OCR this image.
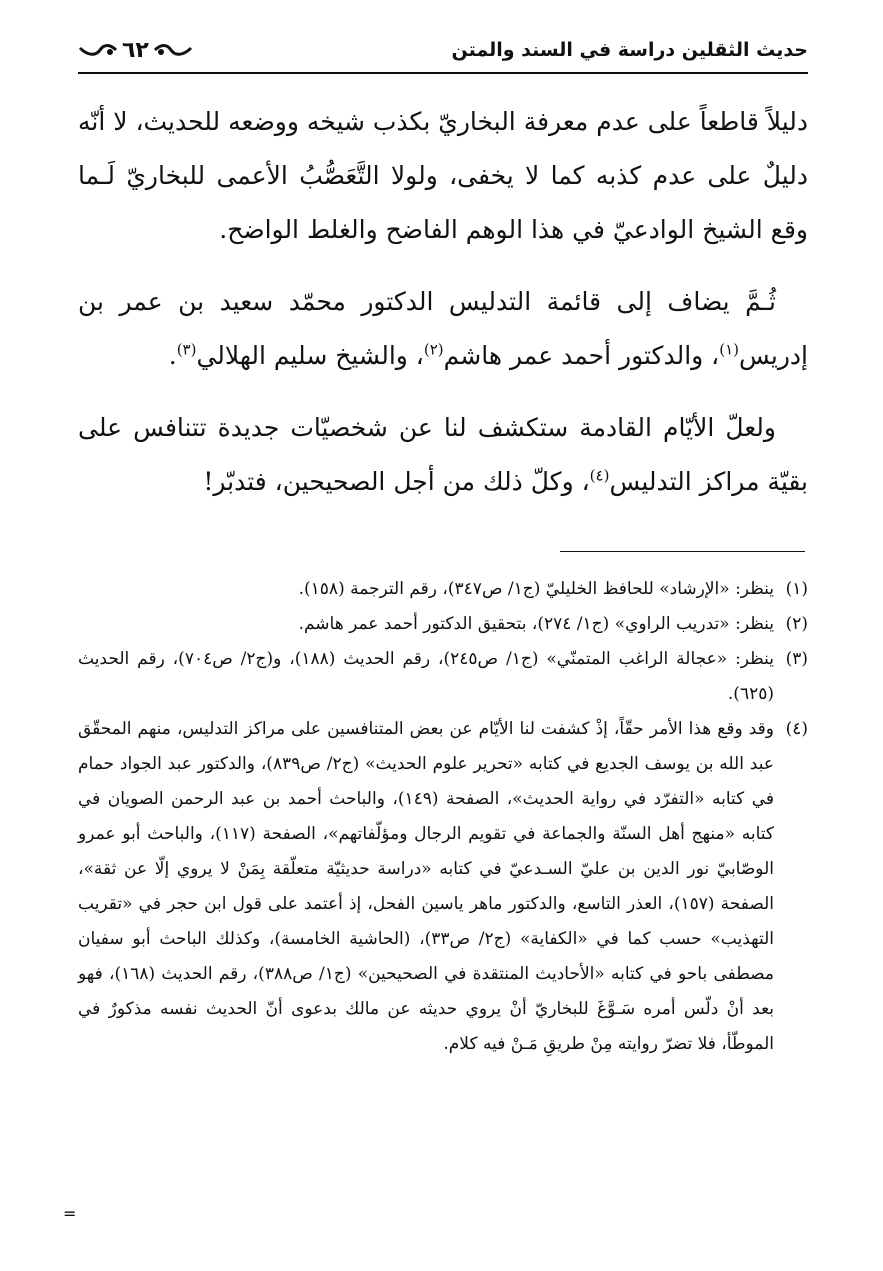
٦٢	حديث الثقلين دراسة في السند والمتن

دليلاً قاطعاً على عدم معرفة البخاريّ بكذب شيخه ووضعه للحديث، لا أنّه دليلٌ على عدم كذبه كما لا يخفى، ولولا التَّعَصُّبُ الأعمى للبخاريّ لَـما وقع الشيخ الوادعيّ في هذا الوهم الفاضح والغلط الواضح.

ثُـمَّ يضاف إلى قائمة التدليس الدكتور محمّد سعيد بن عمر بن إدريس$^{(١)}$، والدكتور أحمد عمر هاشم$^{(٢)}$، والشيخ سليم الهلالي$^{(٣)}$.

ولعلّ الأيّام القادمة ستكشف لنا عن شخصيّات جديدة تتنافس على بقيّة مراكز التدليس$^{(٤)}$، وكلّ ذلك من أجل الصحيحين، فتدبّر!

(١)
ينظر: «الإرشاد» للحافظ الخليليّ (ج١/ ص٣٤٧)، رقم الترجمة (١٥٨).
(٢)
ينظر: «تدريب الراوي» (ج١/ ٢٧٤)، بتحقيق الدكتور أحمد عمر هاشم.
(٣)
ينظر: «عجالة الراغب المتمنّي» (ج١/ ص٢٤٥)، رقم الحديث (١٨٨)، و(ج٢/ ص٧٠٤)، رقم الحديث (٦٢٥).
(٤)
وقد وقع هذا الأمر حقّاً، إذْ كشفت لنا الأيّام عن بعض المتنافسين على مراكز التدليس، منهم المحقّق عبد الله بن يوسف الجديع في كتابه «تحرير علوم الحديث» (ج٢/ ص٨٣٩)، والدكتور عبد الجواد حمام في كتابه «التفرّد في رواية الحديث»، الصفحة (١٤٩)، والباحث أحمد بن عبد الرحمن الصويان في كتابه «منهج أهل السنّة والجماعة في تقويم الرجال ومؤلّفاتهم»، الصفحة (١١٧)، والباحث أبو عمرو الوصّابيّ نور الدين بن عليّ السـدعيّ في كتابه «دراسة حديثيّة متعلّقة بِمَنْ لا يروي إلّا عن ثقة»، الصفحة (١٥٧)، العذر التاسع، والدكتور ماهر ياسين الفحل، إذ أعتمد على قول ابن حجر في «تقريب التهذيب» حسب كما في «الكفاية» (ج٢/ ص٣٣)، (الحاشية الخامسة)، وكذلك الباحث أبو سفيان مصطفى باحو في كتابه «الأحاديث المنتقدة في الصحيحين» (ج١/ ص٣٨٨)، رقم الحديث (١٦٨)، فهو بعد أنْ دلّس أمره سَـوَّغَ للبخاريّ أنْ يروي حديثه عن مالك بدعوى أنّ الحديث نفسه مذكورٌ في الموطّأ، فلا تضرّ روايته مِنْ طريقِ مَـنْ فيه كلام.
=
